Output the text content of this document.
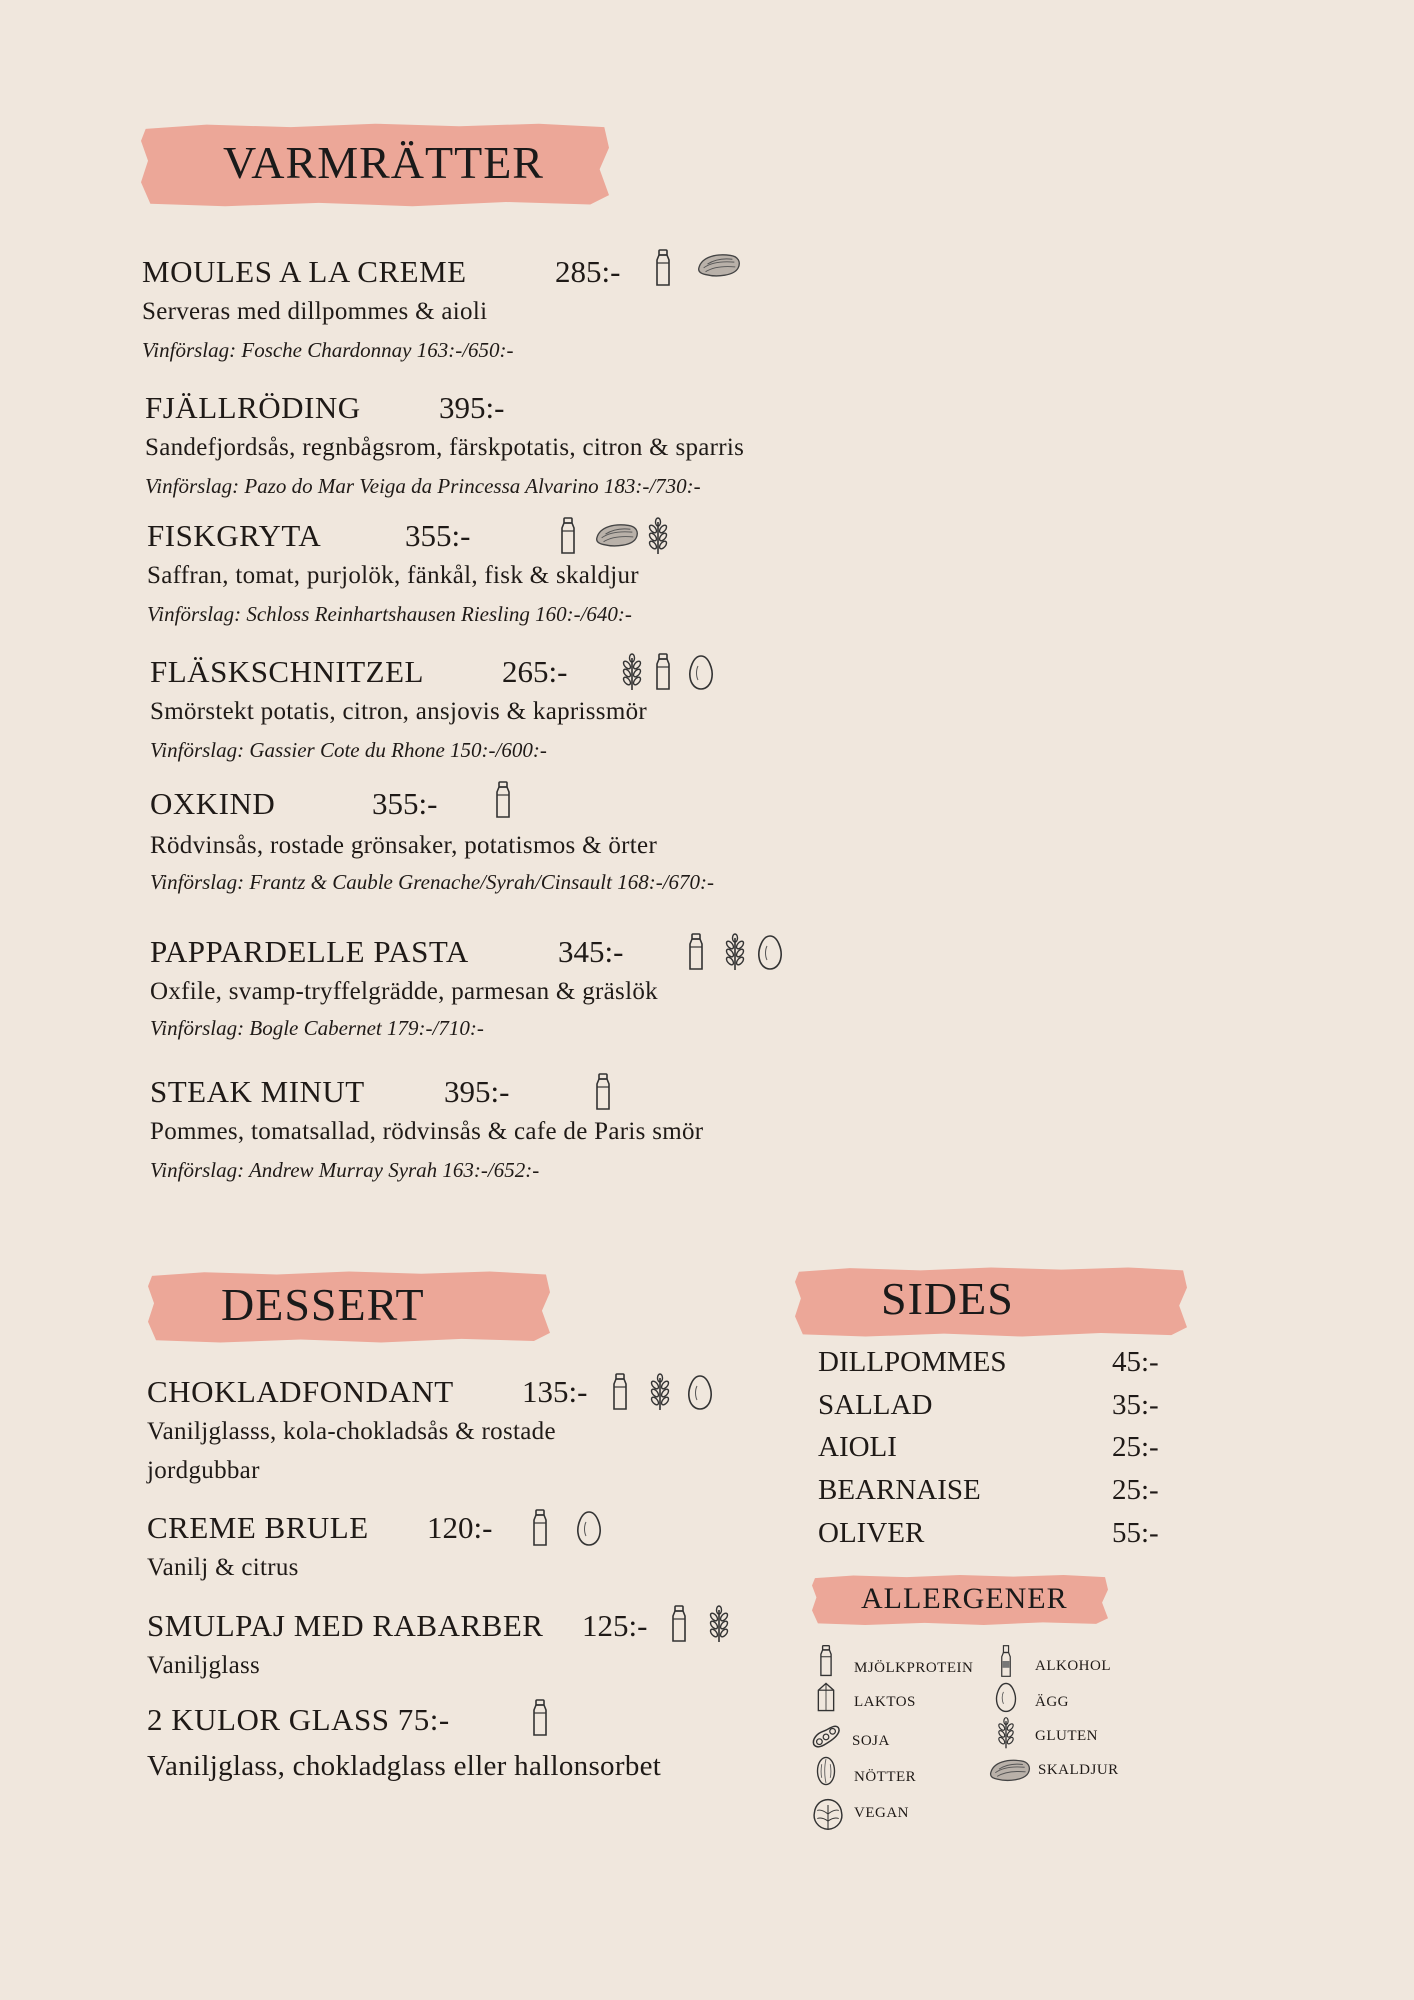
VARMRÄTTER
MOULES A LA CREME	285:-
Serveras med dillpommes & aioli
Vinförslag: Fosche Chardonnay 163:-/650:-
FJÄLLRÖDING	395:-
Sandefjordsås, regnbågsrom, färskpotatis, citron & sparris
Vinförslag: Pazo do Mar Veiga da Princessa Alvarino 183:-/730:-
FISKGRYTA	355:-
Saffran, tomat, purjolök, fänkål, fisk & skaldjur
Vinförslag: Schloss Reinhartshausen Riesling 160:-/640:-
FLÄSKSCHNITZEL	265:-
Smörstekt potatis, citron, ansjovis & kaprissmör
Vinförslag: Gassier Cote du Rhone 150:-/600:-
OXKIND	355:-
Rödvinsås, rostade grönsaker, potatismos & örter
Vinförslag: Frantz & Cauble Grenache/Syrah/Cinsault 168:-/670:-
PAPPARDELLE PASTA	345:-
Oxfile, svamp-tryffelgrädde, parmesan & gräslök
Vinförslag: Bogle Cabernet 179:-/710:-
STEAK MINUT	395:-
Pommes, tomatsallad, rödvinsås & cafe de Paris smör
Vinförslag: Andrew Murray Syrah 163:-/652:-
DESSERT
CHOKLADFONDANT 135:-
Vaniljglasss, kola-chokladsås & rostade
jordgubbar
CREME BRULE 120:-
Vanilj & citrus
SMULPAJ MED RABARBER 125:-
Vaniljglass
2 KULOR GLASS 75:-
Vaniljglass, chokladglass eller hallonsorbet
SIDES
DILLPOMMES	45:-
SALLAD	35:-
AIOLI	25:-
BEARNAISE	25:-
OLIVER	55:-
ALLERGENER
MJÖLKPROTEIN	ALKOHOL
LAKTOS	ÄGG
SOJA	GLUTEN
NÖTTER	SKALDJUR
VEGAN
